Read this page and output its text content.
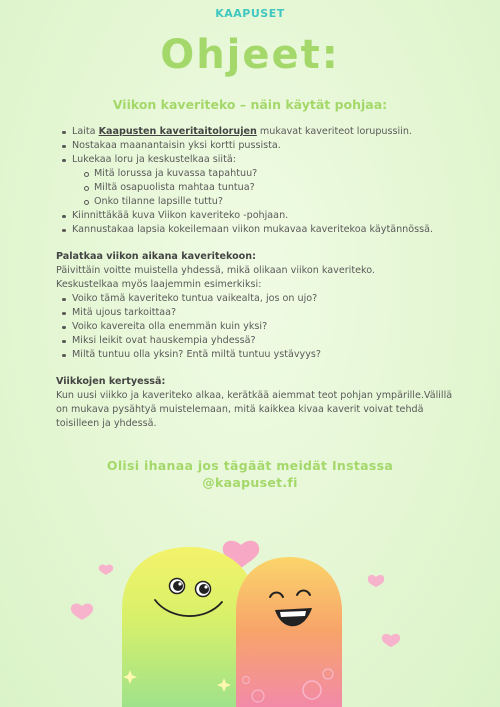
KAAPUSET
Ohjeet:
Viikon kaveriteko – näin käytät pohjaa:
Laita Kaapusten kaveritaitolorujen mukavat kaveriteot lorupussiin.
Nostakaa maanantaisin yksi kortti pussista.
Lukekaa loru ja keskustelkaa siitä:
Mitä lorussa ja kuvassa tapahtuu?
Miltä osapuolista mahtaa tuntua?
Onko tilanne lapsille tuttu?
Kiinnittäkää kuva Viikon kaveriteko -pohjaan.
Kannustakaa lapsia kokeilemaan viikon mukavaa kaveritekoa käytännössä.
Palatkaa viikon aikana kaveritekoon:
Päivittäin voitte muistella yhdessä, mikä olikaan viikon kaveriteko.
Keskustelkaa myös laajemmin esimerkiksi:
Voiko tämä kaveriteko tuntua vaikealta, jos on ujo?
Mitä ujous tarkoittaa?
Voiko kavereita olla enemmän kuin yksi?
Miksi leikit ovat hauskempia yhdessä?
Miltä tuntuu olla yksin? Entä miltä tuntuu ystävyys?
Viikkojen kertyessä:
Kun uusi viikko ja kaveriteko alkaa, kerätkää aiemmat teot pohjan ympärille.Välillä on mukava pysähtyä muistelemaan, mitä kaikkea kivaa kaverit voivat tehdä toisilleen ja yhdessä.
Olisi ihanaa jos tägäät meidät Instassa
@kaapuset.fi
